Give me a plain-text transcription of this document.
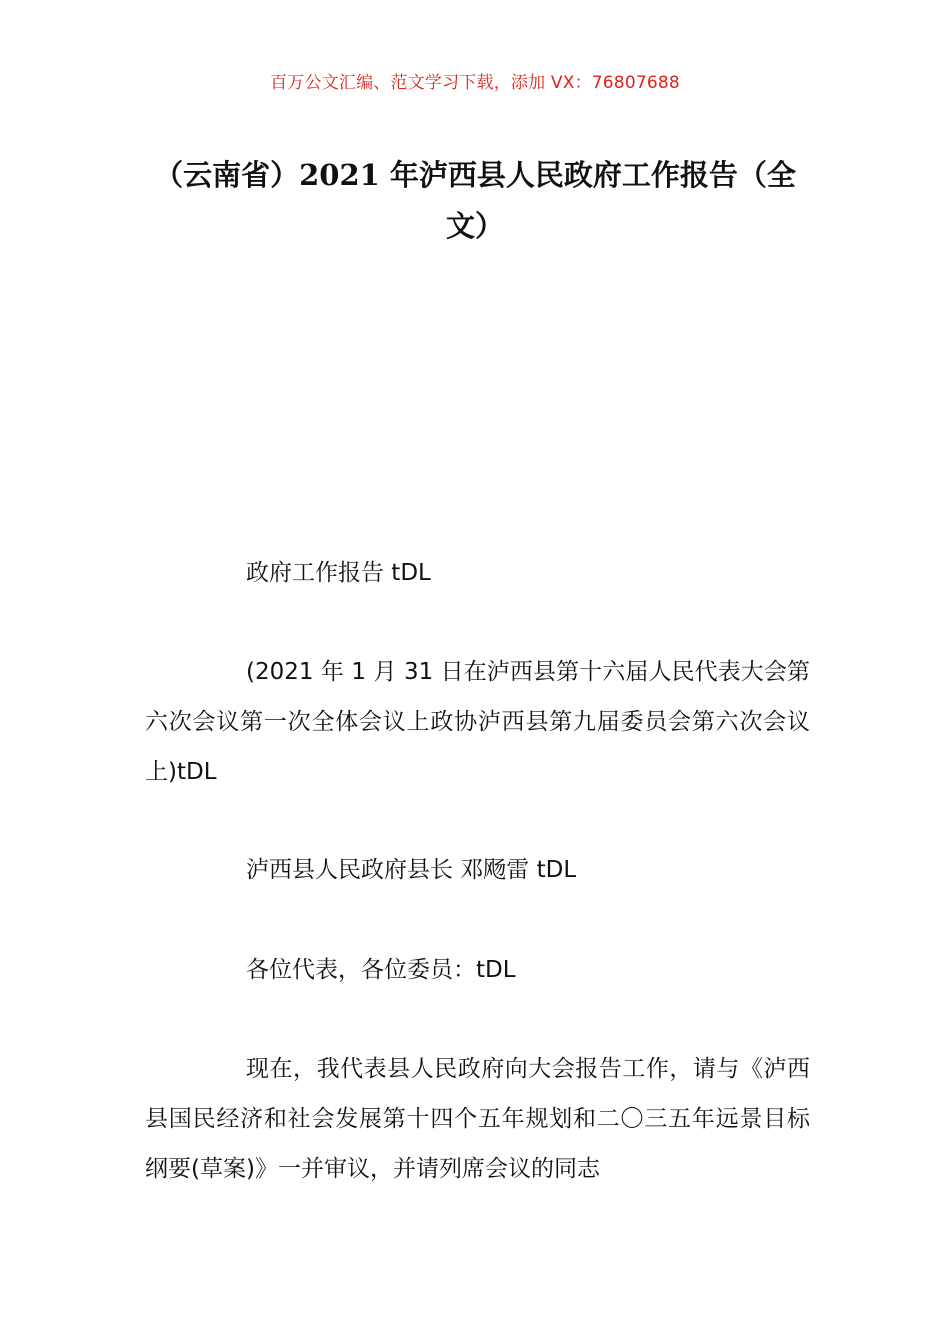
百万公文汇编、范文学习下载，添加 VX：76807688
（云南省）2021 年泸西县人民政府工作报告（全文）

政府工作报告 tDL

(2021 年 1 月 31 日在泸西县第十六届人民代表大会第六次会议第一次全体会议上政协泸西县第九届委员会第六次会议上)tDL

泸西县人民政府县长 邓飏雷 tDL

各位代表，各位委员：tDL

现在，我代表县人民政府向大会报告工作，请与《泸西县国民经济和社会发展第十四个五年规划和二〇三五年远景目标纲要(草案)》一并审议，并请列席会议的同志
